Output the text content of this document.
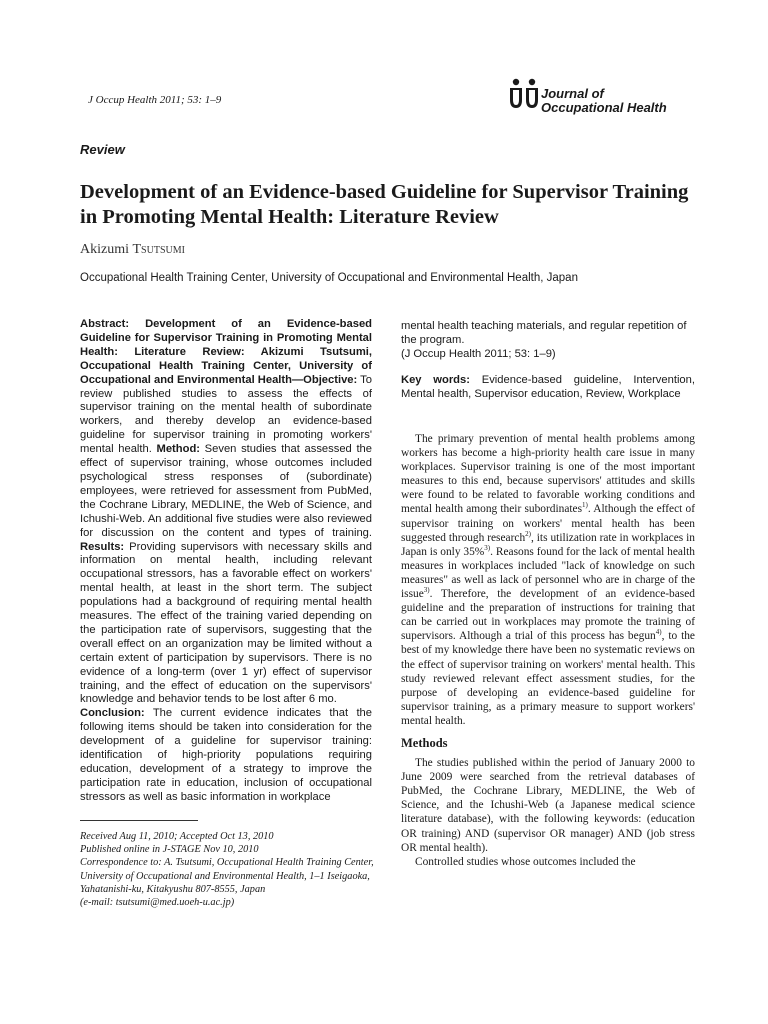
J Occup Health 2011; 53: 1–9	Journal of
Occupational Health
Review
Development of an Evidence-based Guideline for Supervisor Training in Promoting Mental Health: Literature Review
Akizumi Tsutsumi
Occupational Health Training Center, University of Occupational and Environmental Health, Japan

Abstract: Development of an Evidence-based Guideline for Supervisor Training in Promoting Mental Health: Literature Review: Akizumi Tsutsumi, Occupational Health Training Center, University of Occupational and Environmental Health—Objective: To review published studies to assess the effects of supervisor training on the mental health of subordinate workers, and thereby develop an evidence-based guideline for supervisor training in promoting workers' mental health. Method: Seven studies that assessed the effect of supervisor training, whose outcomes included psychological stress responses of (subordinate) employees, were retrieved for assessment from PubMed, the Cochrane Library, MEDLINE, the Web of Science, and Ichushi-Web. An additional five studies were also reviewed for discussion on the content and types of training. Results: Providing supervisors with necessary skills and information on mental health, including relevant occupational stressors, has a favorable effect on workers' mental health, at least in the short term. The subject populations had a background of requiring mental health measures. The effect of the training varied depending on the participation rate of supervisors, suggesting that the overall effect on an organization may be limited without a certain extent of participation by supervisors. There is no evidence of a long-term (over 1 yr) effect of supervisor training, and the effect of education on the supervisors' knowledge and behavior tends to be lost after 6 mo.
Conclusion: The current evidence indicates that the following items should be taken into consideration for the development of a guideline for supervisor training: identification of high-priority populations requiring education, development of a strategy to improve the participation rate in education, inclusion of occupational stressors as well as basic information in workplace

mental health teaching materials, and regular repetition of the program.
(J Occup Health 2011; 53: 1–9)

Key words: Evidence-based guideline, Intervention, Mental health, Supervisor education, Review, Workplace

The primary prevention of mental health problems among workers has become a high-priority health care issue in many workplaces. Supervisor training is one of the most important measures to this end, because supervisors' attitudes and skills were found to be related to favorable working conditions and mental health among their subordinates$^{1)}$. Although the effect of supervisor training on workers' mental health has been suggested through research$^{2)}$, its utilization rate in workplaces in Japan is only 35%$^{3)}$. Reasons found for the lack of mental health measures in workplaces included "lack of knowledge on such measures" as well as lack of personnel who are in charge of the issue$^{3)}$. Therefore, the development of an evidence-based guideline and the preparation of instructions for training that can be carried out in workplaces may promote the training of supervisors. Although a trial of this process has begun$^{4)}$, to the best of my knowledge there have been no systematic reviews on the effect of supervisor training on workers' mental health. This study reviewed relevant effect assessment studies, for the purpose of developing an evidence-based guideline for supervisor training, as a primary measure to support workers' mental health.

Methods

The studies published within the period of January 2000 to June 2009 were searched from the retrieval databases of PubMed, the Cochrane Library, MEDLINE, the Web of Science, and the Ichushi-Web (a Japanese medical science literature database), with the following keywords: (education OR training) AND (supervisor OR manager) AND (job stress OR mental health).

Controlled studies whose outcomes included the

Received Aug 11, 2010; Accepted Oct 13, 2010
Published online in J-STAGE Nov 10, 2010
Correspondence to: A. Tsutsumi, Occupational Health Training Center, University of Occupational and Environmental Health, 1–1 Iseigaoka, Yahatanishi-ku, Kitakyushu 807-8555, Japan
(e-mail: tsutsumi@med.uoeh-u.ac.jp)
